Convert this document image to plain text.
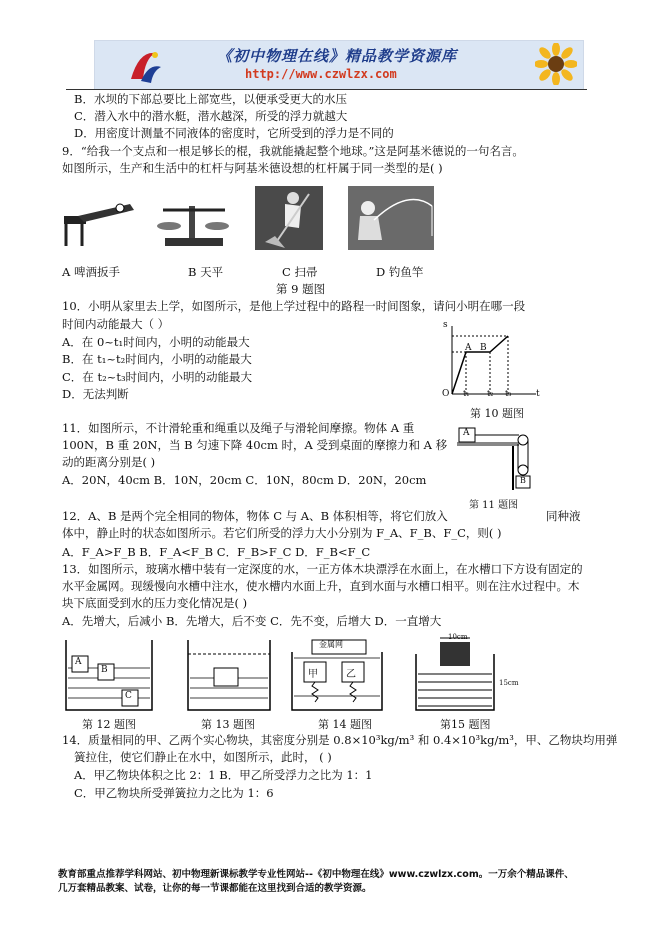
《初中物理在线》精品教学资源库
http://www.czwlzx.com
B．水坝的下部总要比上部宽些，以便承受更大的水压
C．潜入水中的潜水艇，潜水越深，所受的浮力就越大
D．用密度计测量不同液体的密度时，它所受到的浮力是不同的
9．“给我一个支点和一根足够长的棍，我就能撬起整个地球。”这是阿基米德说的一句名言。
如图所示，生产和生活中的杠杆与阿基米德设想的杠杆属于同一类型的是( )
A 啤酒扳手	B 天平	C 扫帚	D 钓鱼竿
第 9 题图
10．小明从家里去上学，如图所示，是他上学过程中的路程一时间图象，请问小明在哪一段
时间内动能最大（ ）
A．在 0~t₁时间内，小明的动能最大
B．在 t₁~t₂时间内，小明的动能最大
C．在 t₂~t₃时间内，小明的动能最大
D．无法判断
s
t
O
A B
t₁ t₂ t₃
第 10 题图
11．如图所示，不计滑轮重和绳重以及绳子与滑轮间摩擦。物体 A 重
100N，B 重 20N，当 B 匀速下降 40cm 时，A 受到桌面的摩擦力和 A 移
动的距离分别是( )
A．20N，40cm B．10N，20cm C．10N，80cm D．20N，20cm
A
B
第 11 题图
12．A、B 是两个完全相同的物体，物体 C 与 A、B 体积相等，将它们放入	同种液
体中，静止时的状态如图所示。若它们所受的浮力大小分别为 F_A、F_B、F_C，则( )
A．F_A>F_B B．F_A<F_B C．F_B>F_C D．F_B<F_C
13．如图所示，玻璃水槽中装有一定深度的水，一正方体木块漂浮在水面上，在水槽口下方设有固定的
水平金属网。现缓慢向水槽中注水，使水槽内水面上升，直到水面与水槽口相平。则在注水过程中。木
块下底面受到水的压力变化情况是( )
A．先增大，后减小 B．先增大，后不变 C．先不变，后增大 D．一直增大
A
B
C
第 12 题图	第 13 题图
金属网
甲	乙
第 14 题图
10cm
15cm
第15 题图
14．质量相同的甲、乙两个实心物块，其密度分别是 0.8×10³kg/m³ 和 0.4×10³kg/m³，甲、乙物块均用弹
簧拉住，使它们静止在水中，如图所示，此时， ( )
A．甲乙物块体积之比 2：1 B．甲乙所受浮力之比为 1：1
C．甲乙物块所受弹簧拉力之比为 1：6
教育部重点推荐学科网站、初中物理新课标教学专业性网站--《初中物理在线》www.czwlzx.com。一万余个精品课件、
几万套精品教案、试卷，让你的每一节课都能在这里找到合适的教学资源。
